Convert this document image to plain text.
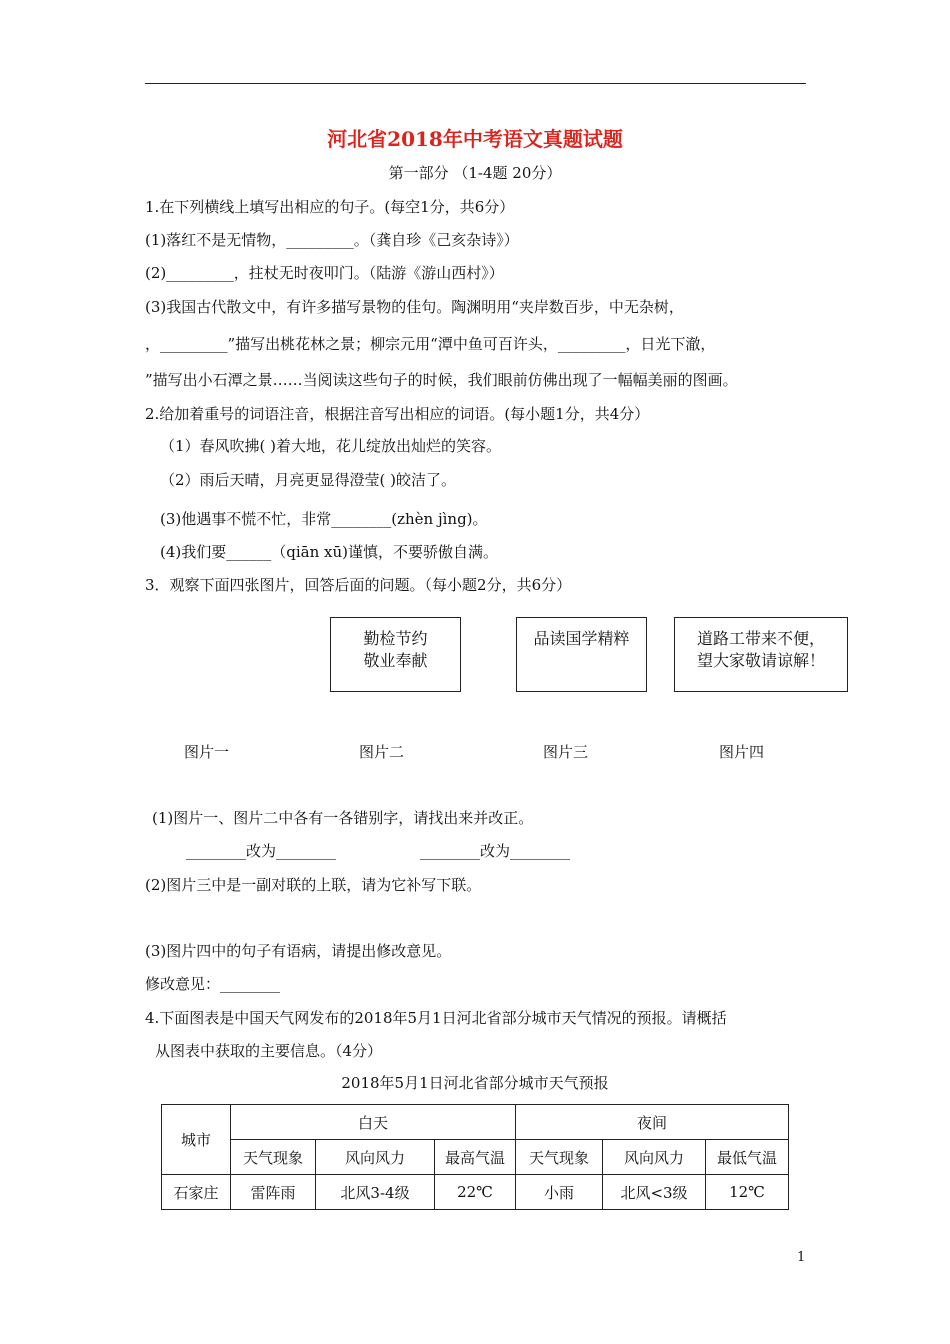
河北省2018年中考语文真题试题
第一部分 （1-4题 20分）
1.在下列横线上填写出相应的句子。(每空1分，共6分）
(1)落红不是无情物，_________。（龚自珍《己亥杂诗》）
(2)_________，拄杖无时夜叩门。（陆游《游山西村》）
(3)我国古代散文中，有许多描写景物的佳句。陶渊明用“夹岸数百步，中无杂树，
，_________”描写出桃花林之景；柳宗元用“潭中鱼可百许头，_________，日光下澈，
”描写出小石潭之景……当阅读这些句子的时候，我们眼前仿佛出现了一幅幅美丽的图画。
2.给加着重号的词语注音，根据注音写出相应的词语。(每小题1分，共4分）
（1）春风吹拂( )着大地，花儿绽放出灿烂的笑容。
（2）雨后天晴，月亮更显得澄莹( )皎洁了。
(3)他遇事不慌不忙，非常________(zhèn jìng)。
(4)我们要______（qiān xū)谨慎，不要骄傲自满。
3．观察下面四张图片，回答后面的问题。（每小题2分，共6分）
勤检节约
敬业奉献
品读国学精粹	道路工带来不便，
望大家敬请谅解！
图片一	图片二	图片三	图片四
(1)图片一、图片二中各有一各错别字，请找出来并改正。
________改为________	________改为________
(2)图片三中是一副对联的上联，请为它补写下联。
(3)图片四中的句子有语病，请提出修改意见。
修改意见：________
4.下面图表是中国天气网发布的2018年5月1日河北省部分城市天气情况的预报。请概括
从图表中获取的主要信息。（4分）
2018年5月1日河北省部分城市天气预报
城市	白天			夜间		
	天气现象	风向风力	最高气温	天气现象	风向风力	最低气温
石家庄	雷阵雨	北风3-4级	22℃	小雨	北风<3级	12℃
1
